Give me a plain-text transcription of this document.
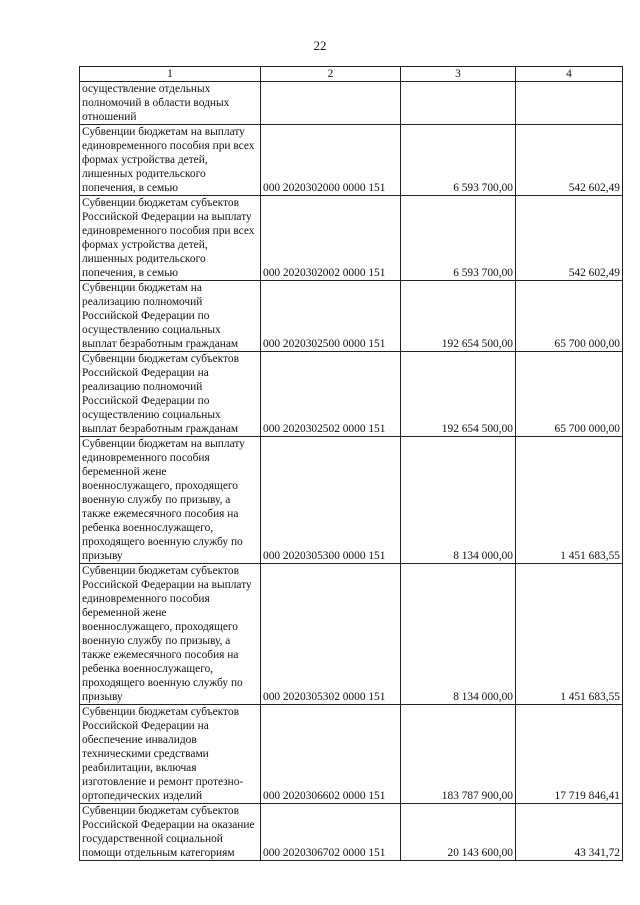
22
1	2	3	4
осуществление отдельных полномочий в области водных отношений			
Субвенции бюджетам на выплату единовременного пособия при всех формах устройства детей, лишенных родительского попечения, в семью	000 2020302000 0000 151	6 593 700,00	542 602,49
Субвенции бюджетам субъектов Российской Федерации на выплату единовременного пособия при всех формах устройства детей, лишенных родительского попечения, в семью	000 2020302002 0000 151	6 593 700,00	542 602,49
Субвенции бюджетам на реализацию полномочий Российской Федерации по осуществлению социальных выплат безработным гражданам	000 2020302500 0000 151	192 654 500,00	65 700 000,00
Субвенции бюджетам субъектов Российской Федерации на реализацию полномочий Российской Федерации по осуществлению социальных выплат безработным гражданам	000 2020302502 0000 151	192 654 500,00	65 700 000,00
Субвенции бюджетам на выплату единовременного пособия беременной жене военнослужащего, проходящего военную службу по призыву, а также ежемесячного пособия на ребенка военнослужащего, проходящего военную службу по призыву	000 2020305300 0000 151	8 134 000,00	1 451 683,55
Субвенции бюджетам субъектов Российской Федерации на выплату единовременного пособия беременной жене военнослужащего, проходящего военную службу по призыву, а также ежемесячного пособия на ребенка военнослужащего, проходящего военную службу по призыву	000 2020305302 0000 151	8 134 000,00	1 451 683,55
Субвенции бюджетам субъектов Российской Федерации на обеспечение инвалидов техническими средствами реабилитации, включая изготовление и ремонт протезно-ортопедических изделий	000 2020306602 0000 151	183 787 900,00	17 719 846,41
Субвенции бюджетам субъектов Российской Федерации на оказание государственной социальной помощи отдельным категориям	000 2020306702 0000 151	20 143 600,00	43 341,72
